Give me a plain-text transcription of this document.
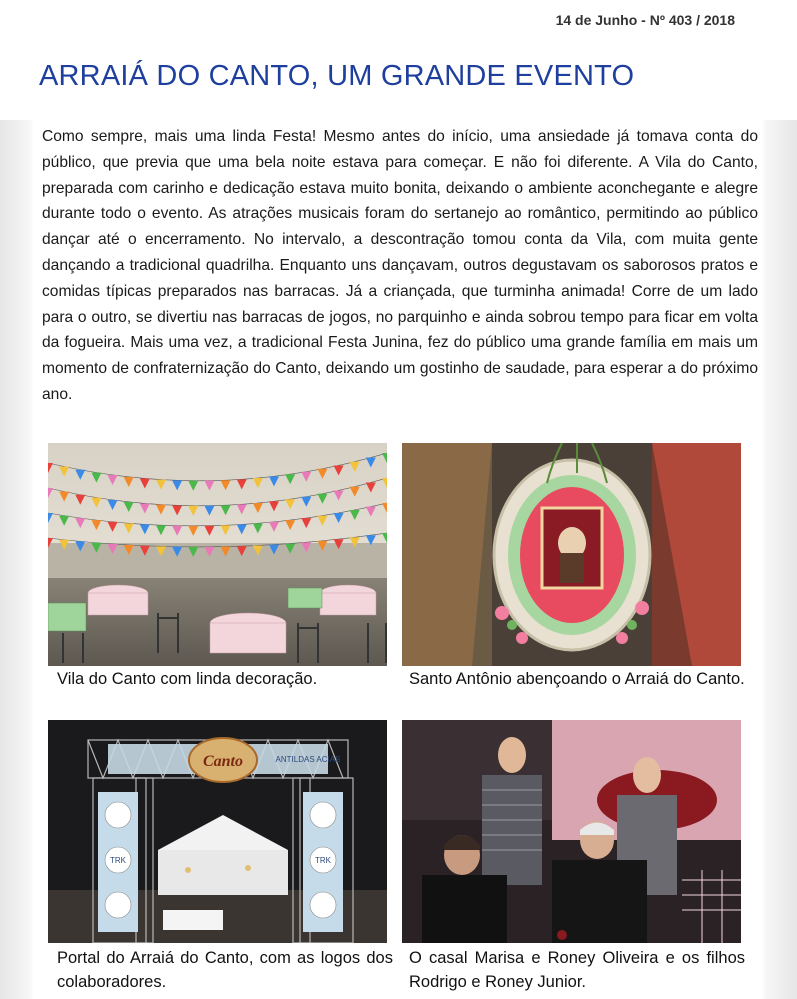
14 de Junho - Nº 403 / 2018
ARRAIÁ DO CANTO, UM GRANDE EVENTO

Como sempre, mais uma linda Festa! Mesmo antes do início, uma ansiedade já tomava conta do público, que previa que uma bela noite estava para começar. E não foi diferente. A Vila do Canto, preparada com carinho e dedicação estava muito bonita, deixando o ambiente aconchegante e alegre durante todo o evento. As atrações musicais foram do sertanejo ao romântico, permitindo ao público dançar até o encerramento. No intervalo, a descontração tomou conta da Vila, com muita gente dançando a tradicional quadrilha. Enquanto uns dançavam, outros degustavam os saborosos pratos e comidas típicas preparados nas barracas. Já a criançada, que turminha animada! Corre de um lado para o outro, se divertiu nas barracas de jogos, no parquinho e ainda sobrou tempo para ficar em volta da fogueira. Mais uma vez, a tradicional Festa Junina, fez do público uma grande família em mais um momento de confraternização do Canto, deixando um gostinho de saudade, para esperar a do próximo ano.

Vila do Canto com linda decoração.	Santo Antônio abençoando o Arraiá do Canto.
Canto	ANTILDAS ACIAS
TRK	TRK
Portal do Arraiá do Canto, com as logos dos colaboradores.
O casal Marisa e Roney Oliveira e os filhos Rodrigo e Roney Junior.
